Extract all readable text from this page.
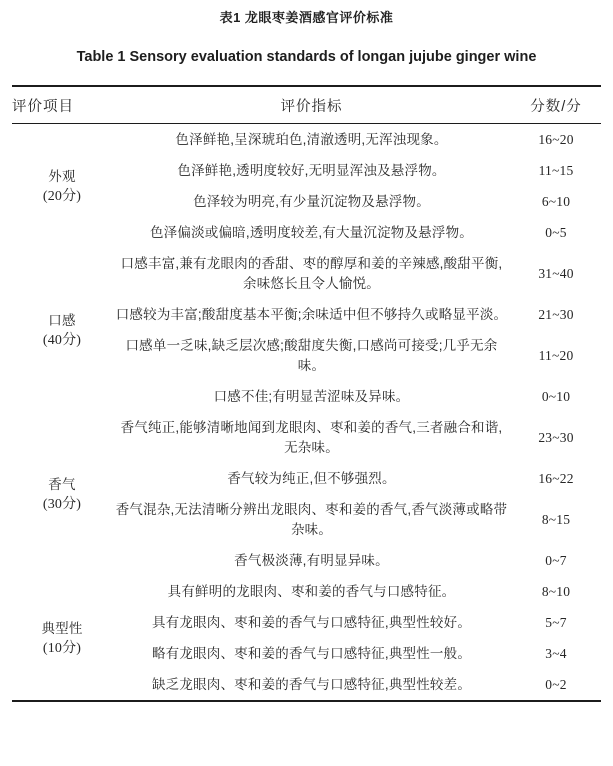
表1 龙眼枣姜酒感官评价标准
Table 1 Sensory evaluation standards of longan jujube ginger wine
评价项目	评价指标	分数/分

外观
(20分)	色泽鲜艳,呈深琥珀色,清澈透明,无浑浊现象。	16~20
	色泽鲜艳,透明度较好,无明显浑浊及悬浮物。	11~15
	色泽较为明亮,有少量沉淀物及悬浮物。	6~10
	色泽偏淡或偏暗,透明度较差,有大量沉淀物及悬浮物。	0~5

口感
(40分)	口感丰富,兼有龙眼肉的香甜、枣的醇厚和姜的辛辣感,酸甜平衡,余味悠长且令人愉悦。	31~40
	口感较为丰富;酸甜度基本平衡;余味适中但不够持久或略显平淡。	21~30
	口感单一乏味,缺乏层次感;酸甜度失衡,口感尚可接受;几乎无余味。	11~20
	口感不佳;有明显苦涩味及异味。	0~10

香气
(30分)	香气纯正,能够清晰地闻到龙眼肉、枣和姜的香气,三者融合和谐,无杂味。	23~30
	香气较为纯正,但不够强烈。	16~22
	香气混杂,无法清晰分辨出龙眼肉、枣和姜的香气,香气淡薄或略带杂味。	8~15
	香气极淡薄,有明显异味。	0~7

典型性
(10分)	具有鲜明的龙眼肉、枣和姜的香气与口感特征。	8~10
	具有龙眼肉、枣和姜的香气与口感特征,典型性较好。	5~7
	略有龙眼肉、枣和姜的香气与口感特征,典型性一般。	3~4
	缺乏龙眼肉、枣和姜的香气与口感特征,典型性较差。	0~2
